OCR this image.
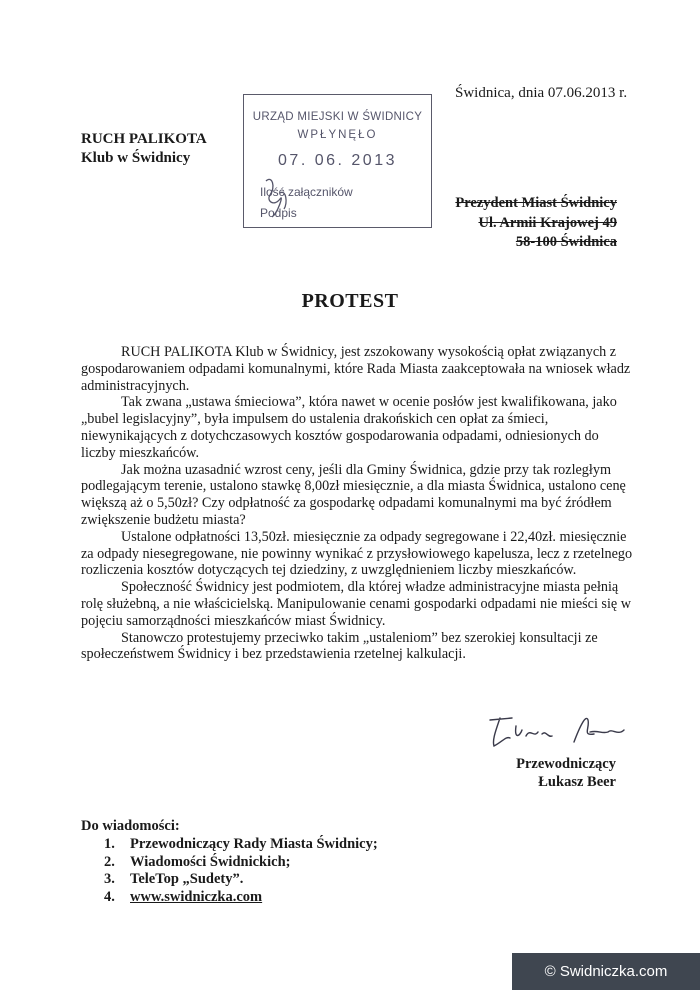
Świdnica, dnia 07.06.2013 r.
RUCH PALIKOTA
Klub w Świdnicy
URZĄD MIEJSKI W ŚWIDNICY
WPŁYNĘŁO
07. 06. 2013
Ilość załączników
Podpis
Prezydent Miast Świdnicy
Ul. Armii Krajowej 49
58-100 Świdnica
PROTEST

RUCH PALIKOTA Klub w Świdnicy, jest zszokowany wysokością opłat związanych z gospodarowaniem odpadami komunalnymi, które Rada Miasta zaakceptowała na wniosek władz administracyjnych.

Tak zwana „ustawa śmieciowa”, która nawet w ocenie posłów jest kwalifikowana, jako „bubel legislacyjny”, była impulsem do ustalenia drakońskich cen opłat za śmieci, niewynikających z dotychczasowych kosztów gospodarowania odpadami, odniesionych do liczby mieszkańców.

Jak można uzasadnić wzrost ceny, jeśli dla Gminy Świdnica, gdzie przy tak rozległym podlegającym terenie, ustalono stawkę 8,00zł miesięcznie, a dla miasta Świdnica, ustalono cenę większą aż o 5,50zł? Czy odpłatność za gospodarkę odpadami komunalnymi ma być źródłem zwiększenie budżetu miasta?

Ustalone odpłatności 13,50zł. miesięcznie za odpady segregowane i 22,40zł. miesięcznie za odpady niesegregowane, nie powinny wynikać z przysłowiowego kapelusza, lecz z rzetelnego rozliczenia kosztów dotyczących tej dziedziny, z uwzględnieniem liczby mieszkańców.

Społeczność Świdnicy jest podmiotem, dla której władze administracyjne miasta pełnią rolę służebną, a nie właścicielską. Manipulowanie cenami gospodarki odpadami nie mieści się w pojęciu samorządności mieszkańców miast Świdnicy.

Stanowczo protestujemy przeciwko takim „ustaleniom” bez szerokiej konsultacji ze społeczeństwem Świdnicy i bez przedstawienia rzetelnej kalkulacji.

Przewodniczący
Łukasz Beer
Do wiadomości:
1.	Przewodniczący Rady Miasta Świdnicy;
2.	Wiadomości Świdnickich;
3.	TeleTop „Sudety”.
4.	www.swidniczka.com
© Swidniczka.com
